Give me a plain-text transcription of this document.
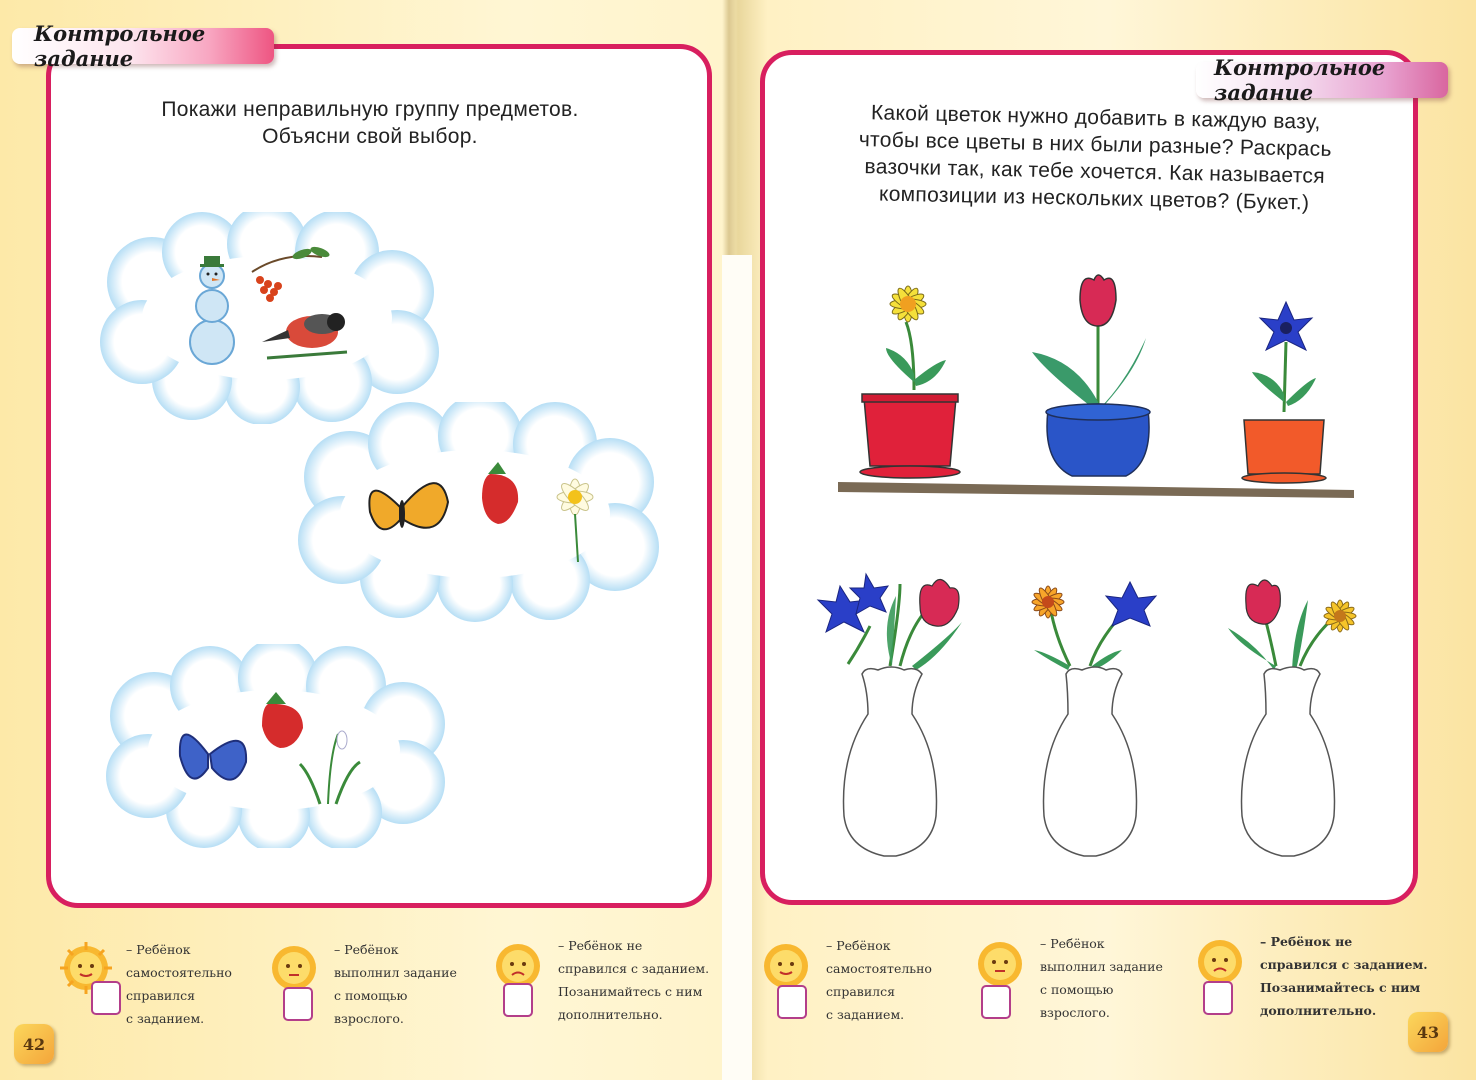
Контрольное задание
Покажи неправильную группу предметов.
Объясни свой выбор.
Контрольное задание
Какой цветок нужно добавить в каждую вазу,
чтобы все цветы в них были разные? Раскрась
вазочки так, как тебе хочется. Как называется
композиции из нескольких цветов? (Букет.)
– Ребёнок
самостоятельно
справился
с заданием.
– Ребёнок
выполнил задание
с помощью
взрослого.
– Ребёнок не
справился с заданием.
Позанимайтесь с ним
дополнительно.
– Ребёнок
самостоятельно
справился
с заданием.
– Ребёнок
выполнил задание
с помощью
взрослого.
– Ребёнок не
справился с заданием.
Позанимайтесь с ним
дополнительно.
42
43
